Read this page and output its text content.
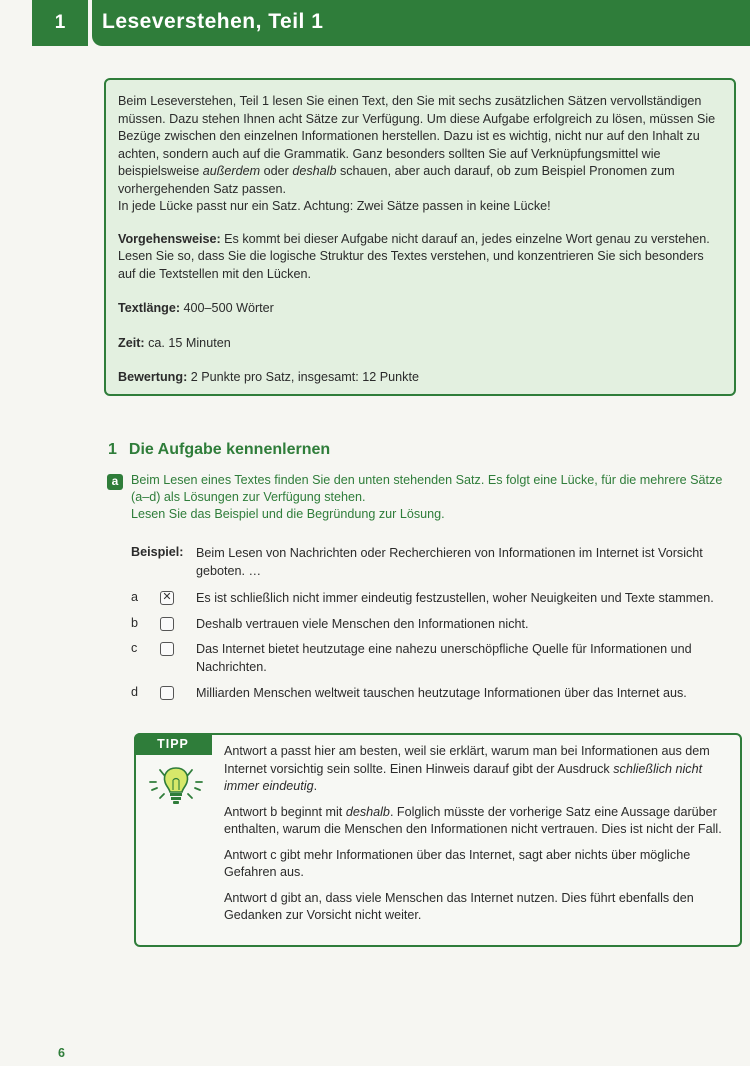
1	Leseverstehen, Teil 1

Beim Leseverstehen, Teil 1 lesen Sie einen Text, den Sie mit sechs zusätzlichen Sätzen vervollständigen müssen. Dazu stehen Ihnen acht Sätze zur Verfügung. Um diese Aufgabe erfolgreich zu lösen, müssen Sie Bezüge zwischen den einzelnen Informationen herstellen. Dazu ist es wichtig, nicht nur auf den Inhalt zu achten, sondern auch auf die Grammatik. Ganz besonders sollten Sie auf Verknüpfungsmittel wie beispielsweise außerdem oder deshalb schauen, aber auch darauf, ob zum Beispiel Pronomen zum vorhergehenden Satz passen.

In jede Lücke passt nur ein Satz. Achtung: Zwei Sätze passen in keine Lücke!

Vorgehensweise: Es kommt bei dieser Aufgabe nicht darauf an, jedes einzelne Wort genau zu verstehen. Lesen Sie so, dass Sie die logische Struktur des Textes verstehen, und konzentrieren Sie sich besonders auf die Textstellen mit den Lücken.

Textlänge: 400–500 Wörter

Zeit: ca. 15 Minuten

Bewertung: 2 Punkte pro Satz, insgesamt: 12 Punkte

1 Die Aufgabe kennenlernen
a	Beim Lesen eines Textes finden Sie den unten stehenden Satz. Es folgt eine Lücke, für die mehrere Sätze (a–d) als Lösungen zur Verfügung stehen.

Lesen Sie das Beispiel und die Begründung zur Lösung.

Beispiel: Beim Lesen von Nachrichten oder Recherchieren von Informationen im Internet ist Vorsicht geboten. …
a ✕ Es ist schließlich nicht immer eindeutig festzustellen, woher Neuigkeiten und Texte stammen.
b	Deshalb vertrauen viele Menschen den Informationen nicht.
c	Das Internet bietet heutzutage eine nahezu unerschöpfliche Quelle für Informationen und Nachrichten.
d	Milliarden Menschen weltweit tauschen heutzutage Informationen über das Internet aus.
TIPP	Antwort a passt hier am besten, weil sie erklärt, warum man bei Informationen aus dem Internet vorsichtig sein sollte. Einen Hinweis darauf gibt der Ausdruck schließlich nicht immer eindeutig.

Antwort b beginnt mit deshalb. Folglich müsste der vorherige Satz eine Aussage darüber enthalten, warum die Menschen den Informationen nicht vertrauen. Dies ist nicht der Fall.

Antwort c gibt mehr Informationen über das Internet, sagt aber nichts über mögliche Gefahren aus.

Antwort d gibt an, dass viele Menschen das Internet nutzen. Dies führt ebenfalls den Gedanken zur Vorsicht nicht weiter.

6
